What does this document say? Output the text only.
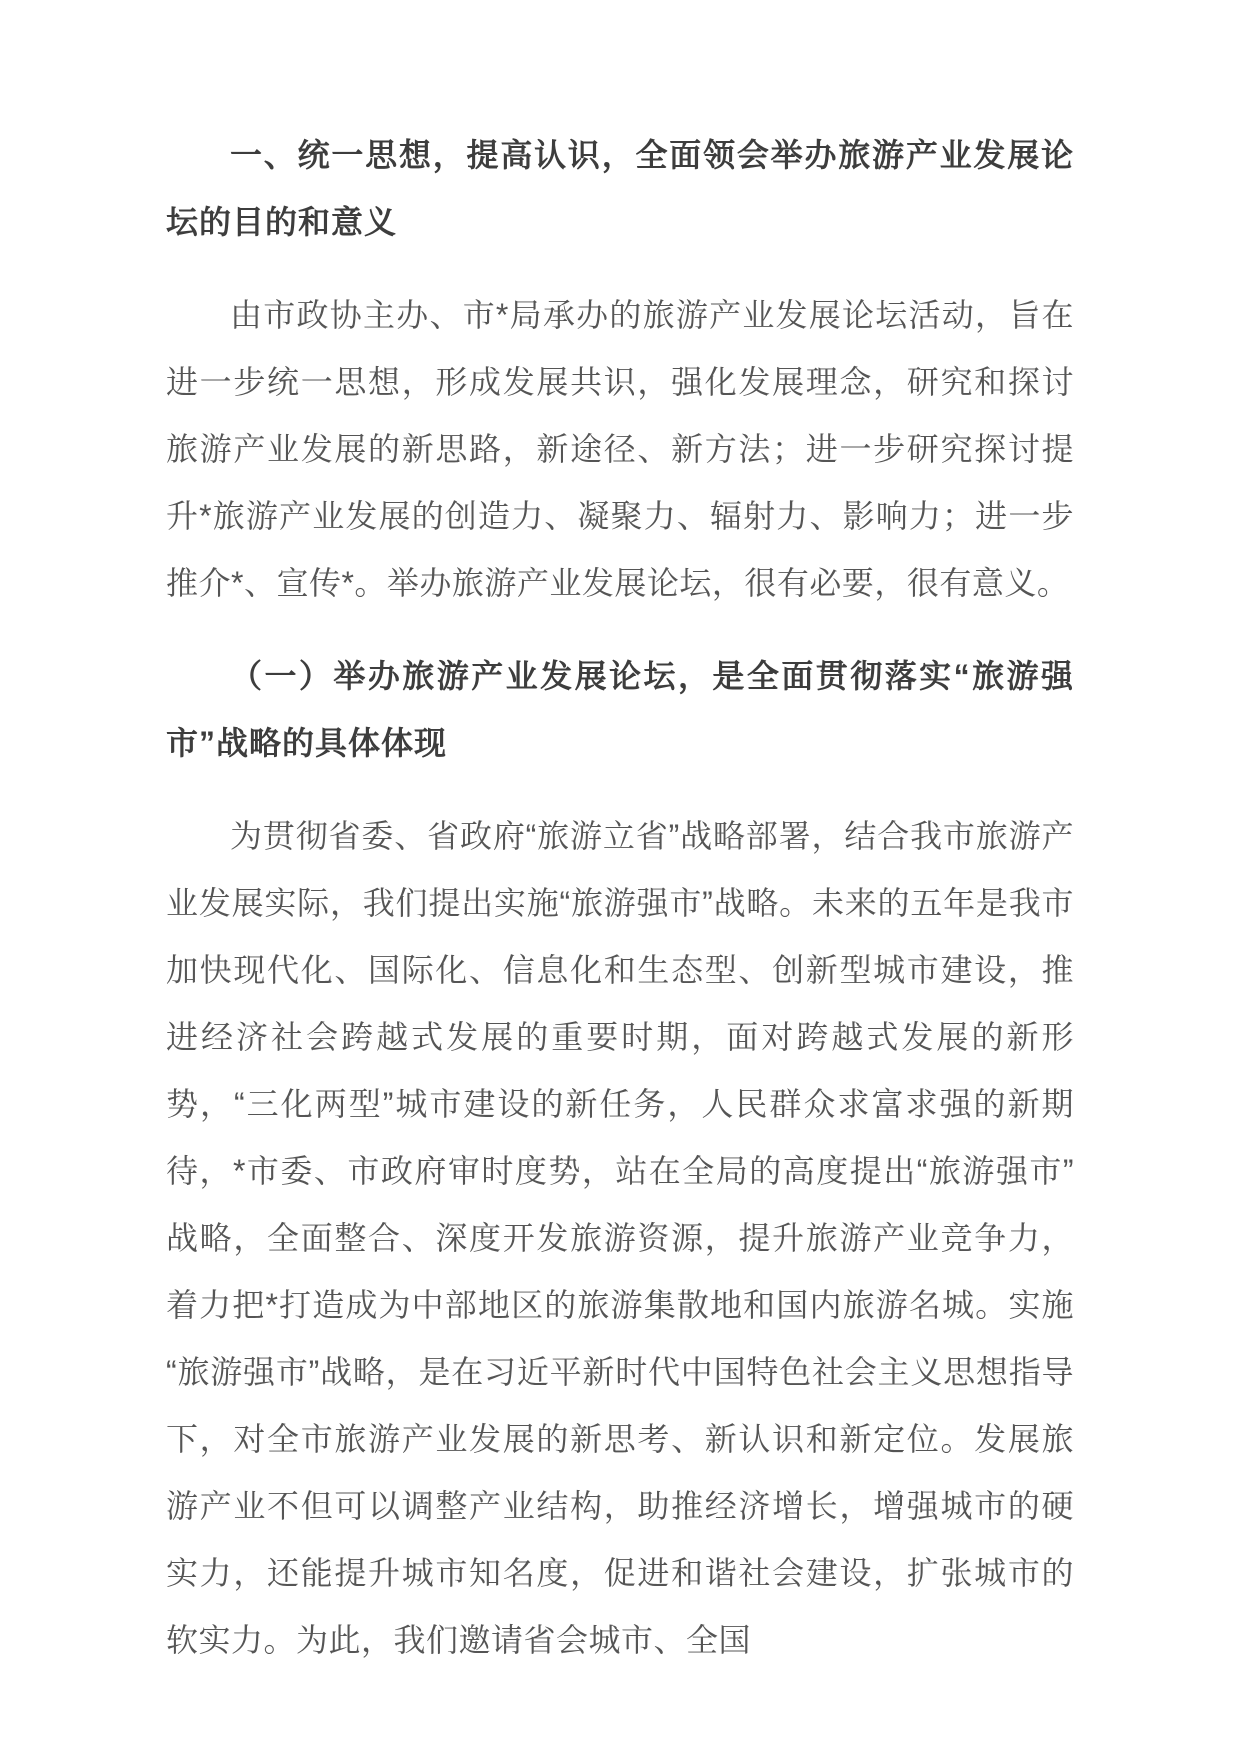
一、统一思想，提高认识，全面领会举办旅游产业发展论坛的目的和意义
由市政协主办、市*局承办的旅游产业发展论坛活动，旨在进一步统一思想，形成发展共识，强化发展理念，研究和探讨旅游产业发展的新思路，新途径、新方法；进一步研究探讨提升*旅游产业发展的创造力、凝聚力、辐射力、影响力；进一步推介*、宣传*。举办旅游产业发展论坛，很有必要，很有意义。
（一）举办旅游产业发展论坛，是全面贯彻落实“旅游强市”战略的具体体现
为贯彻省委、省政府“旅游立省”战略部署，结合我市旅游产业发展实际，我们提出实施“旅游强市”战略。未来的五年是我市加快现代化、国际化、信息化和生态型、创新型城市建设，推进经济社会跨越式发展的重要时期，面对跨越式发展的新形势，“三化两型”城市建设的新任务，人民群众求富求强的新期待，*市委、市政府审时度势，站在全局的高度提出“旅游强市”战略，全面整合、深度开发旅游资源，提升旅游产业竞争力，着力把*打造成为中部地区的旅游集散地和国内旅游名城。实施“旅游强市”战略，是在习近平新时代中国特色社会主义思想指导下，对全市旅游产业发展的新思考、新认识和新定位。发展旅游产业不但可以调整产业结构，助推经济增长，增强城市的硬实力，还能提升城市知名度，促进和谐社会建设，扩张城市的软实力。为此，我们邀请省会城市、全国
